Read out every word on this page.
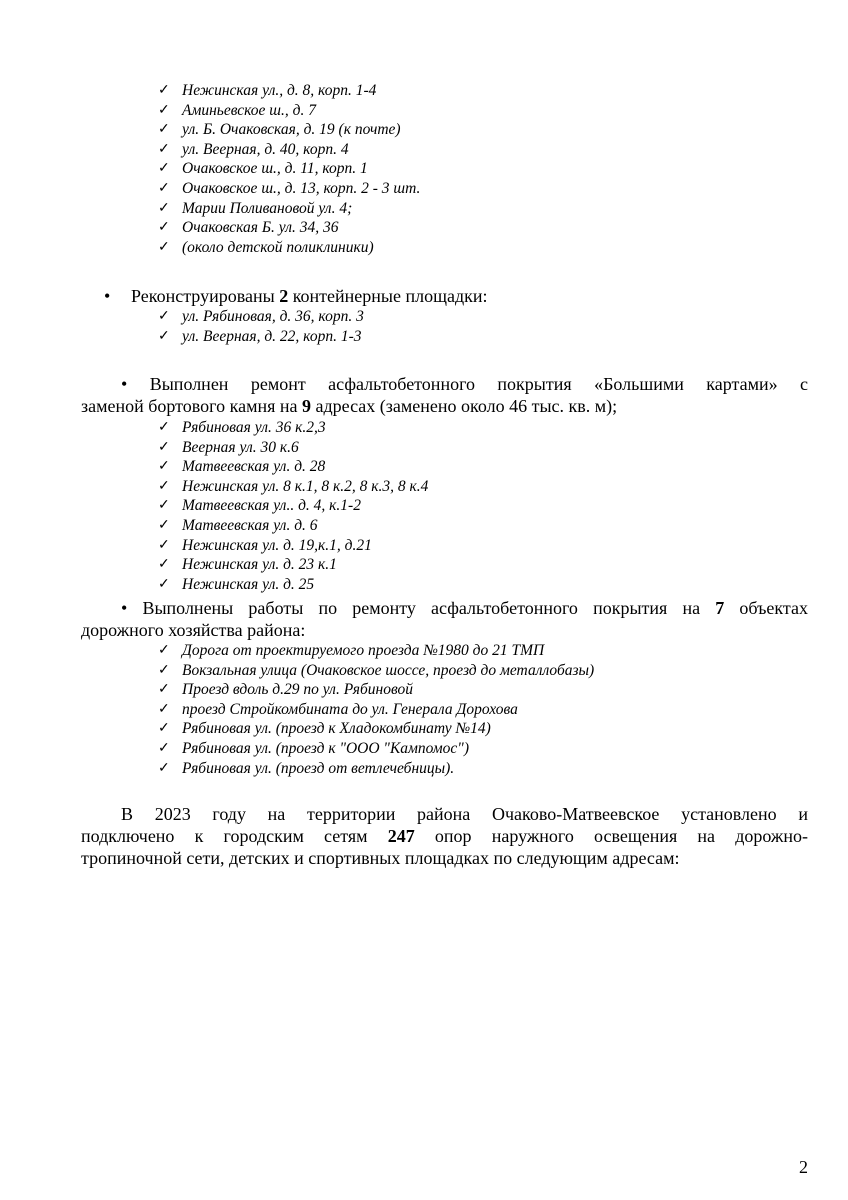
✓ Нежинская ул., д. 8, корп. 1-4
✓ Аминьевское ш., д. 7
✓ ул. Б. Очаковская, д. 19 (к почте)
✓ ул. Веерная, д. 40, корп. 4
✓ Очаковское ш., д. 11, корп. 1
✓ Очаковское ш., д. 13, корп. 2 - 3 шт.
✓ Марии Поливановой ул. 4;
✓ Очаковская Б. ул. 34, 36
✓ (около детской поликлиники)
• Реконструированы 2 контейнерные площадки:
✓ ул. Рябиновая, д. 36, корп. 3
✓ ул. Веерная, д. 22, корп. 1-3
• Выполнен ремонт асфальтобетонного покрытия «Большими картами» с
заменой бортового камня на 9 адресах (заменено около 46 тыс. кв. м);
✓ Рябиновая ул. 36 к.2,3
✓ Веерная ул. 30 к.6
✓ Матвеевская ул. д. 28
✓ Нежинская ул. 8 к.1, 8 к.2, 8 к.3, 8 к.4
✓ Матвеевская ул.. д. 4, к.1-2
✓ Матвеевская ул. д. 6
✓ Нежинская ул. д. 19,к.1, д.21
✓ Нежинская ул. д. 23 к.1
✓ Нежинская ул. д. 25
• Выполнены работы по ремонту асфальтобетонного покрытия на 7 объектах
дорожного хозяйства района:
✓ Дорога от проектируемого проезда №1980 до 21 ТМП
✓ Вокзальная улица (Очаковское шоссе, проезд до металлобазы)
✓ Проезд вдоль д.29 по ул. Рябиновой
✓ проезд Стройкомбината до ул. Генерала Дорохова
✓ Рябиновая ул. (проезд к Хладокомбинату №14)
✓ Рябиновая ул. (проезд к "ООО "Кампомос")
✓ Рябиновая ул. (проезд от ветлечебницы).
В 2023 году на территории района Очаково-Матвеевское установлено и
подключено к городским сетям 247 опор наружного освещения на дорожно-
тропиночной сети, детских и спортивных площадках по следующим адресам:
2
